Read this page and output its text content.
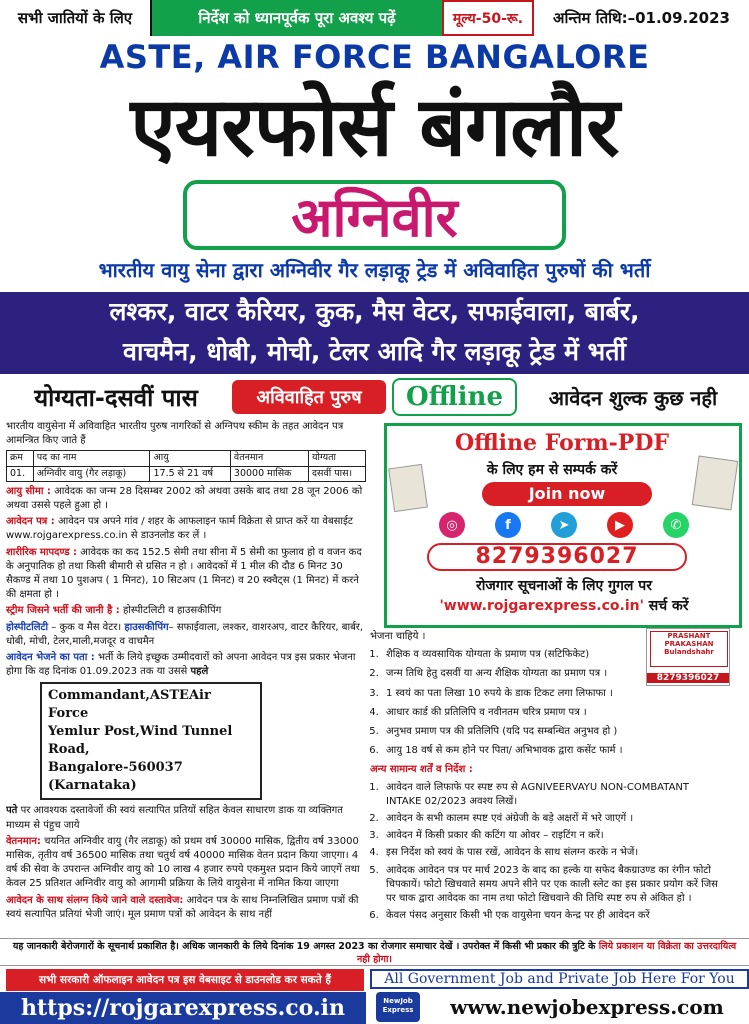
सभी जातियों के लिए	निर्देश को ध्यानपूर्वक पूरा अवश्य पढ़ें	मूल्य-50-रू.	अन्तिम तिथि:–01.09.2023
ASTE, AIR FORCE BANGALORE
एयरफोर्स बंगलौर
अग्निवीर
भारतीय वायु सेना द्वारा अग्निवीर गैर लड़ाकू ट्रेड में अविवाहित पुरुषों की भर्ती
लश्कर, वाटर कैरियर, कुक, मैस वेटर, सफाईवाला, बार्बर,
वाचमैन, धोबी, मोची, टेलर आदि गैर लड़ाकू ट्रेड में भर्ती
योग्यता-दसवीं पास	अविवाहित पुरुष	Offline	आवेदन शुल्क कुछ नही

भारतीय वायुसेना में अविवाहित भारतीय पुरुष नागरिकों से अग्निपथ स्कीम के तहत आवेदन पत्र आमन्त्रित किए जाते हैं

क्रम	पद का नाम	आयु	वेतनमान	योग्यता
01.	अग्निवीर वायु (गैर लड़ाकू)	17.5 से 21 वर्ष	30000 मासिक	दसवीं पास।

आयु सीमा : आवेदक का जन्म 28 दिसम्बर 2002 को अथवा उसके बाद तथा 28 जून 2006 को अथवा उससे पहले हुआ हो ।

आवेदन पत्र : आवेदन पत्र अपने गांव / शहर के आफलाइन फार्म विक्रेता से प्राप्त करें या वेबसाईट www.rojgarexpress.co.in से डाउनलोड कर लें ।

शारीरिक मापदण्ड : आवेदक का कद 152.5 सेमी तथा सीना में 5 सेमी का फुलाव हो व वजन कद के अनुपातिक हो तथा किसी बीमारी से ग्रसित न हो । आवेदकों में 1 मील की दौड 6 मिनट 30 सैकण्ड में तथा 10 पुशअप ( 1 मिनट), 10 सिटअप (1 मिनट) व 20 स्क्वैट्स (1 मिनट) में करने की क्षमता हो ।

स्ट्रीम जिसने भर्ती की जानी है : होस्पीटलिटी व हाउसकीपिंग

होस्पीटलिटी – कुक व मैस वेटर। हाउसकीपिंग– सफाईवाला, लश्कर, वाशरअप, वाटर कैरियर, बार्बर, धोबी, मोची, टेलर,माली,मजदूर व वाचमैन

आवेदन भेजने का पता : भर्ती के लिये इच्छुक उम्मीदवारों को अपना आवेदन पत्र इस प्रकार भेजना होगा कि वह दिनांक 01.09.2023 तक या उससे पहले

Commandant,ASTEAir Force
Yemlur Post,Wind Tunnel Road,
Bangalore-560037 (Karnataka)

पते पर आवश्यक दस्तावेजों की स्वयं सत्यापित प्रतियों सहित केवल साधारण डाक या व्यक्तिगत माध्यम से पंहुच जाये

वेतनमान: चयनित अग्निवीर वायु (गैर लडाकू) को प्रथम वर्ष 30000 मासिक, द्वितीय वर्ष 33000 मासिक, तृतीय वर्ष 36500 मासिक तथा चतुर्थ वर्ष 40000 मासिक वेतन प्रदान किया जाएगा। 4 वर्ष की सेवा के उपरान्त अग्निवीर वायु को 10 लाख 4 हजार रुपये एकमुश्त प्रदान किये जाएगें तथा केवल 25 प्रतिशत अग्निवीर वायु को आगामी प्रक्रिया के लिये वायुसेना में नामित किया जाएगा

आवेदन के साथ संलग्न किये जाने वाले दस्तावेज: आवेदन पत्र के साथ निम्नलिखित प्रमाण पत्रों की स्वयं सत्यापित प्रतियां भेजी जाएं। मूल प्रमाण पत्रों को आवेदन के साथ नहीं

Offline Form-PDF
के लिए हम से सम्पर्क करें
Join now
◎	f	➤	▶	✆
8279396027
रोजगार सूचनाओं के लिए गुगल पर
'www.rojgarexpress.co.in' सर्च करें
PRASHANT
PRAKASHAN
Bulandshahr
8279396027

भेजना चाहिये ।

1. शैक्षिक व व्यवसायिक योग्यता के प्रमाण पत्र (सटिफिकेट)
2. जन्म तिथि हेतु दसवीं या अन्य शैक्षिक योग्यता का प्रमाण पत्र ।
3. 1 स्वयं का पता लिखा 10 रुपये के डाक टिकट लगा लिफाफा ।
4. आधार कार्ड की प्रतिलिपि व नवीनतम चरित्र प्रमाण पत्र ।
5. अनुभव प्रमाण पत्र की प्रतिलिपि (यदि पद सम्बन्धित अनुभव हो )
6. आयु 18 वर्ष से कम होने पर पिता/ अभिभावक द्वारा कसेंट फार्म ।

अन्य सामान्य शर्तें व निर्देश :

1. आवेदन वाले लिफाफे पर स्पष्ट रुप से AGNIVEERVAYU NON-COMBATANT INTAKE 02/2023 अवश्य लिखें।
2. आवेदन के सभी कालम स्पष्ट एवं अंग्रेजी के बड़े अक्षरों में भरे जाएगें ।
3. आवेदन में किसी प्रकार की कटिंग या ओवर – राइटिंग न करें।
4. इस निर्देश को स्वयं के पास रखें, आवेदन के साथ संलग्न करके न भेजें।
5. आवेदक आवेदन पत्र पर मार्च 2023 के बाद का हल्के या सफेद बैकग्राउण्ड का रंगीन फोटो चिपकायें। फोटो खिचवाते समय अपने सीने पर एक काली स्लेट का इस प्रकार प्रयोग करें जिस पर चाक द्वारा आवेदक का नाम तथा फोटो खिचवाने की तिथि स्पष्ट रुप से अंकित हो ।
6. केवल पंसद अनुसार किसी भी एक वायुसेना चयन केन्द्र पर ही आवेदन करें
यह जानकारी बेरोजगारों के सूचनार्थ प्रकाशित है। अधिक जानकारी के लिये दिनांक 19 अगस्त 2023 का रोजगार समाचार देखें । उपरोक्त में किसी भी प्रकार की त्रुटि के लिये प्रकाशन या विक्रेता का उत्तरदायित्व नही होगा।
सभी सरकारी ऑफलाइन आवेदन पत्र इस वेबसाइट से डाउनलोड कर सकते हैं
https://rojgarexpress.co.in
All Government Job and Private Job Here For You
NewJob
Express	www.newjobexpress.com
